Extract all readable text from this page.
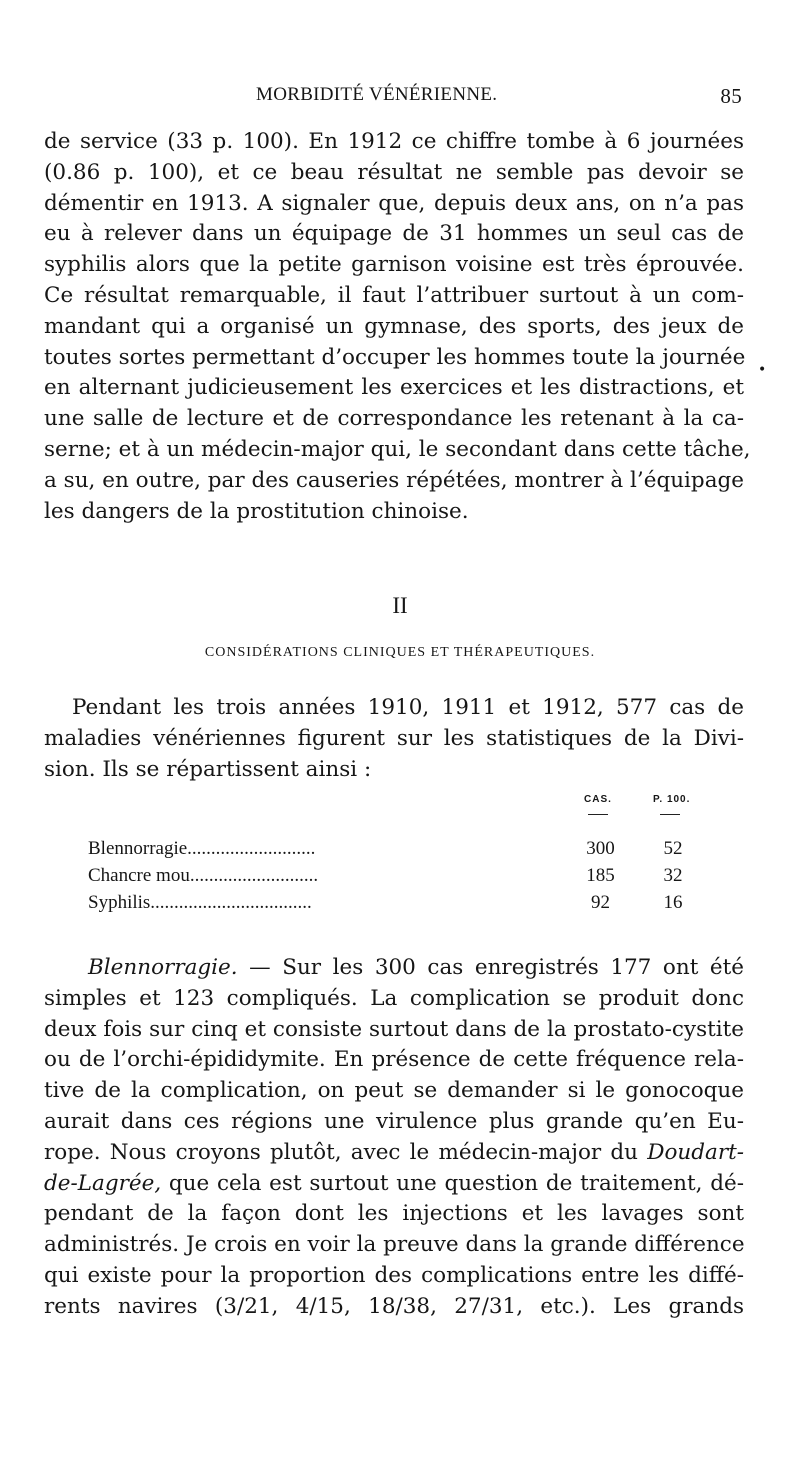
MORBIDITÉ VÉNÉRIENNE.	85
de service (33 p. 100). En 1912 ce chiffre tombe à 6 journées
(0.86 p. 100), et ce beau résultat ne semble pas devoir se
démentir en 1913. A signaler que, depuis deux ans, on n’a pas
eu à relever dans un équipage de 31 hommes un seul cas de
syphilis alors que la petite garnison voisine est très éprouvée.
Ce résultat remarquable, il faut l’attribuer surtout à un com-
mandant qui a organisé un gymnase, des sports, des jeux de
toutes sortes permettant d’occuper les hommes toute la journée
en alternant judicieusement les exercices et les distractions, et
une salle de lecture et de correspondance les retenant à la ca-
serne; et à un médecin-major qui, le secondant dans cette tâche,
a su, en outre, par des causeries répétées, montrer à l’équipage
les dangers de la prostitution chinoise.
•
II
CONSIDÉRATIONS CLINIQUES ET THÉRAPEUTIQUES.
Pendant les trois années 1910, 1911 et 1912, 577 cas de
maladies vénériennes figurent sur les statistiques de la Divi-
sion. Ils se répartissent ainsi :
CAS.	P. 100.
Blennorragie...........................	300	52
Chancre mou...........................	185	32
Syphilis..................................	92	16
Blennorragie. — Sur les 300 cas enregistrés 177 ont été
simples et 123 compliqués. La complication se produit donc
deux fois sur cinq et consiste surtout dans de la prostato-cystite
ou de l’orchi-épididymite. En présence de cette fréquence rela-
tive de la complication, on peut se demander si le gonocoque
aurait dans ces régions une virulence plus grande qu’en Eu-
rope. Nous croyons plutôt, avec le médecin-major du Doudart-
de-Lagrée, que cela est surtout une question de traitement, dé-
pendant de la façon dont les injections et les lavages sont
administrés. Je crois en voir la preuve dans la grande différence
qui existe pour la proportion des complications entre les diffé-
rents navires (3/21, 4/15, 18/38, 27/31, etc.). Les grands
